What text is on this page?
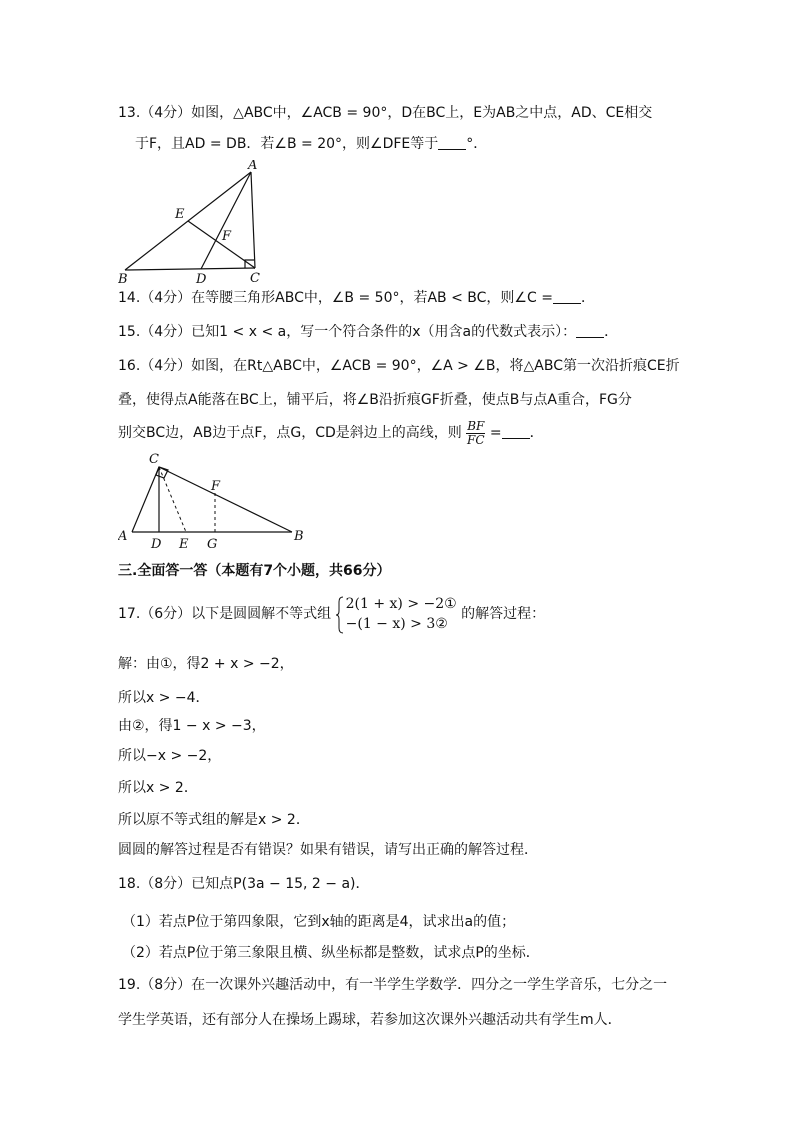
13.（4分）如图，△ABC中，∠ACB = 90°，D在BC上，E为AB之中点，AD、CE相交
于F，且AD = DB．若∠B = 20°，则∠DFE等于 °．
A
B	C
D
E
F
14.（4分）在等腰三角形ABC中，∠B = 50°，若AB < BC，则∠C = ．
15.（4分）已知1 < x < a，写一个符合条件的x（用含a的代数式表示）： ．
16.（4分）如图，在Rt△ABC中，∠ACB = 90°，∠A > ∠B，将△ABC第一次沿折痕CE折
叠，使得点A能落在BC上，铺平后，将∠B沿折痕GF折叠，使点B与点A重合，FG分
别交BC边，AB边于点F，点G，CD是斜边上的高线，则 $\frac{BF}{FC}$ = ．
A	B
C
D E
F
G
三.全面答一答（本题有7个小题，共66分）
17.（6分）以下是圆圆解不等式组
2(1 + x) > −2①
−(1 − x) > 3②
的解答过程：
解：由①，得2 + x > −2，
所以x > −4．
由②，得1 − x > −3，
所以−x > −2，
所以x > 2．
所以原不等式组的解是x > 2．
圆圆的解答过程是否有错误？如果有错误，请写出正确的解答过程．
18.（8分）已知点P(3a − 15, 2 − a)．
（1）若点P位于第四象限，它到x轴的距离是4，试求出a的值；
（2）若点P位于第三象限且横、纵坐标都是整数，试求点P的坐标．
19.（8分）在一次课外兴趣活动中，有一半学生学数学．四分之一学生学音乐，七分之一
学生学英语，还有部分人在操场上踢球，若参加这次课外兴趣活动共有学生m人．
